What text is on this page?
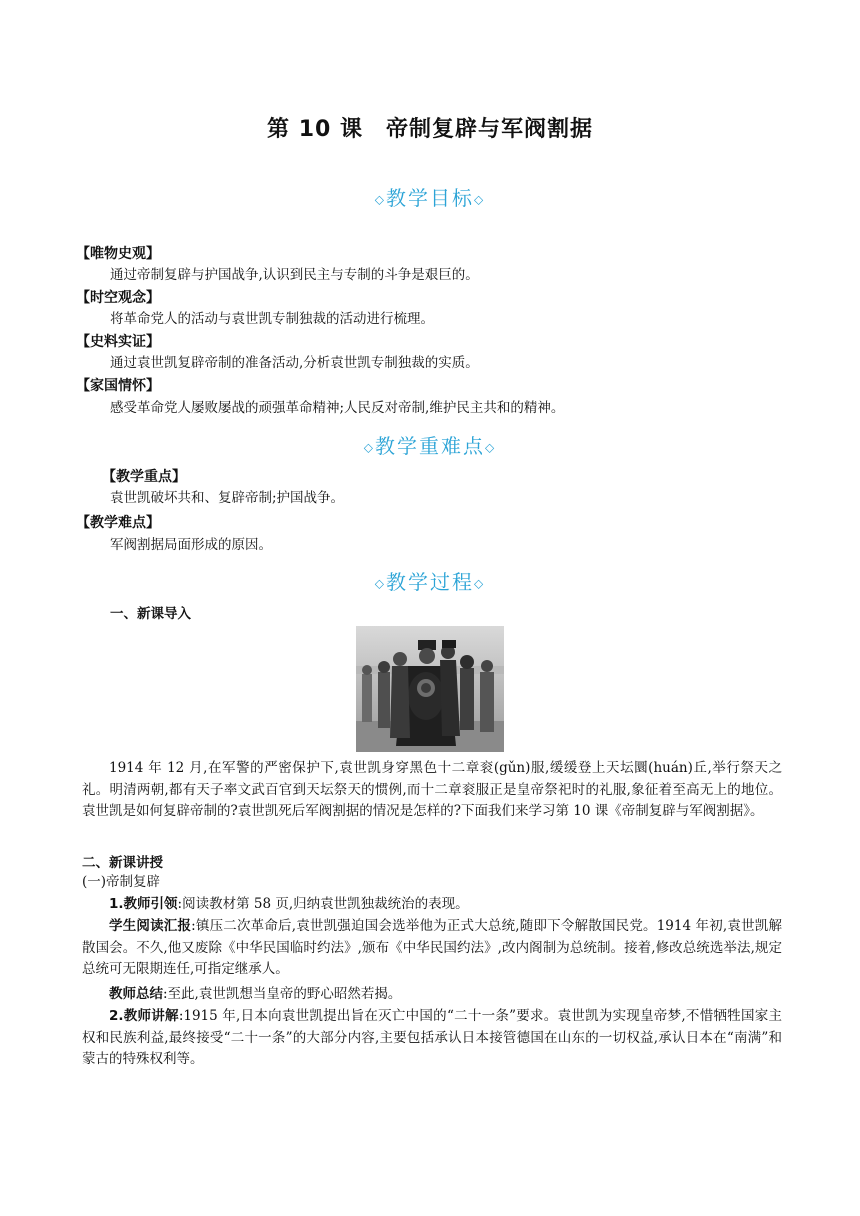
第 10 课　帝制复辟与军阀割据
◇教学目标◇
【唯物史观】
通过帝制复辟与护国战争,认识到民主与专制的斗争是艰巨的。
【时空观念】
将革命党人的活动与袁世凯专制独裁的活动进行梳理。
【史料实证】
通过袁世凯复辟帝制的准备活动,分析袁世凯专制独裁的实质。
【家国情怀】
感受革命党人屡败屡战的顽强革命精神;人民反对帝制,维护民主共和的精神。
◇教学重难点◇
【教学重点】
袁世凯破坏共和、复辟帝制;护国战争。
【教学难点】
军阀割据局面形成的原因。
◇教学过程◇
一、新课导入
1914 年 12 月,在军警的严密保护下,袁世凯身穿黑色十二章衮(gǔn)服,缓缓登上天坛圜(huán)丘,举行祭天之礼。明清两朝,都有天子率文武百官到天坛祭天的惯例,而十二章衮服正是皇帝祭祀时的礼服,象征着至高无上的地位。袁世凯是如何复辟帝制的?袁世凯死后军阀割据的情况是怎样的?下面我们来学习第 10 课《帝制复辟与军阀割据》。
二、新课讲授
(一)帝制复辟
1.教师引领:阅读教材第 58 页,归纳袁世凯独裁统治的表现。
学生阅读汇报:镇压二次革命后,袁世凯强迫国会选举他为正式大总统,随即下令解散国民党。1914 年初,袁世凯解散国会。不久,他又废除《中华民国临时约法》,颁布《中华民国约法》,改内阁制为总统制。接着,修改总统选举法,规定总统可无限期连任,可指定继承人。
教师总结:至此,袁世凯想当皇帝的野心昭然若揭。
2.教师讲解:1915 年,日本向袁世凯提出旨在灭亡中国的“二十一条”要求。袁世凯为实现皇帝梦,不惜牺牲国家主权和民族利益,最终接受“二十一条”的大部分内容,主要包括承认日本接管德国在山东的一切权益,承认日本在“南满”和蒙古的特殊权利等。
